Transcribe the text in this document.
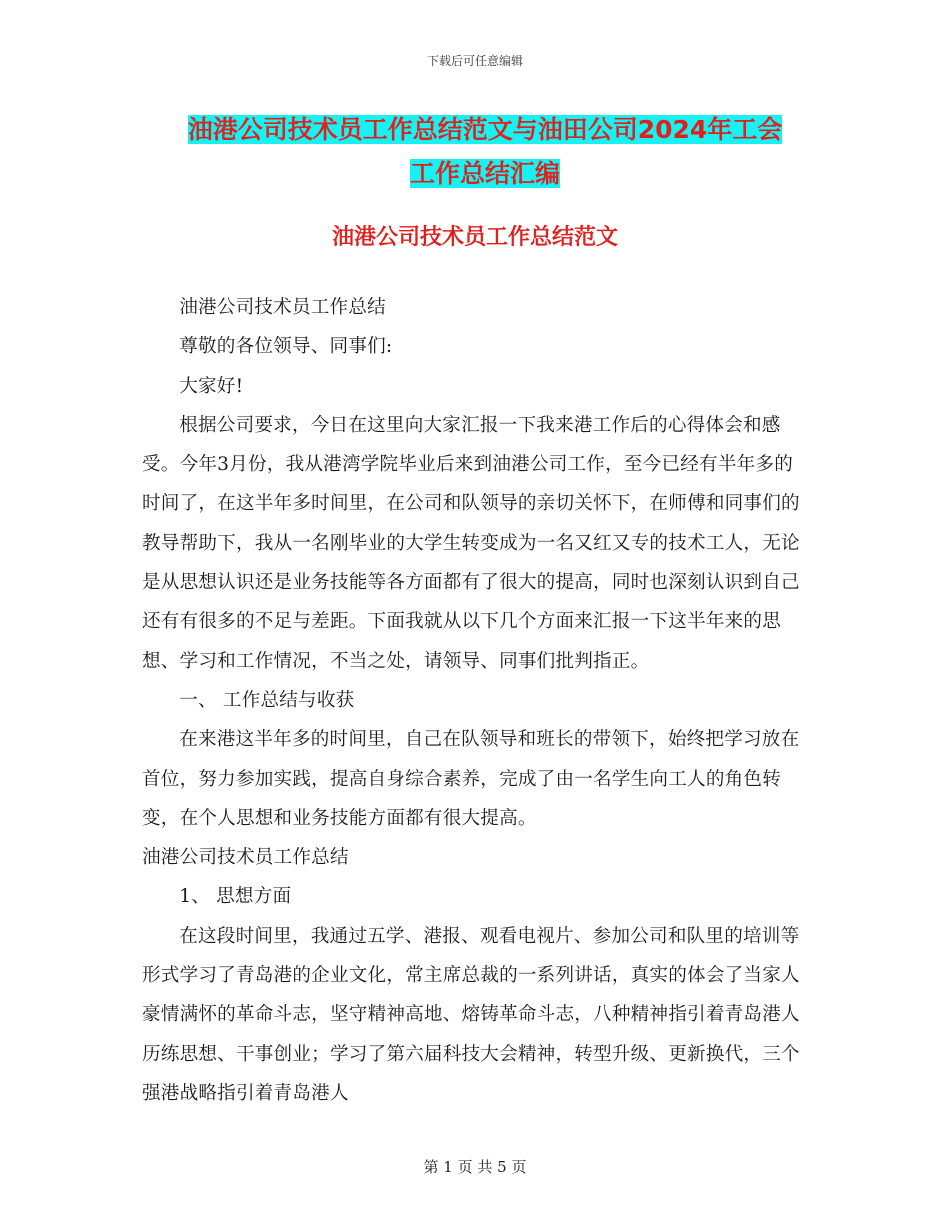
下载后可任意编辑
油港公司技术员工作总结范文与油田公司2024年工会
工作总结汇编
油港公司技术员工作总结范文

油港公司技术员工作总结

尊敬的各位领导、同事们:

大家好!

根据公司要求，今日在这里向大家汇报一下我来港工作后的心得体会和感受。今年3月份，我从港湾学院毕业后来到油港公司工作，至今已经有半年多的时间了，在这半年多时间里，在公司和队领导的亲切关怀下，在师傅和同事们的教导帮助下，我从一名刚毕业的大学生转变成为一名又红又专的技术工人，无论是从思想认识还是业务技能等各方面都有了很大的提高，同时也深刻认识到自己还有有很多的不足与差距。下面我就从以下几个方面来汇报一下这半年来的思想、学习和工作情况，不当之处，请领导、同事们批判指正。

一、 工作总结与收获

在来港这半年多的时间里，自己在队领导和班长的带领下，始终把学习放在首位，努力参加实践，提高自身综合素养，完成了由一名学生向工人的角色转变，在个人思想和业务技能方面都有很大提高。

油港公司技术员工作总结

1、 思想方面

在这段时间里，我通过五学、港报、观看电视片、参加公司和队里的培训等形式学习了青岛港的企业文化，常主席总裁的一系列讲话，真实的体会了当家人豪情满怀的革命斗志，坚守精神高地、熔铸革命斗志，八种精神指引着青岛港人历练思想、干事创业；学习了第六届科技大会精神，转型升级、更新换代，三个强港战略指引着青岛港人

第 1 页 共 5 页
